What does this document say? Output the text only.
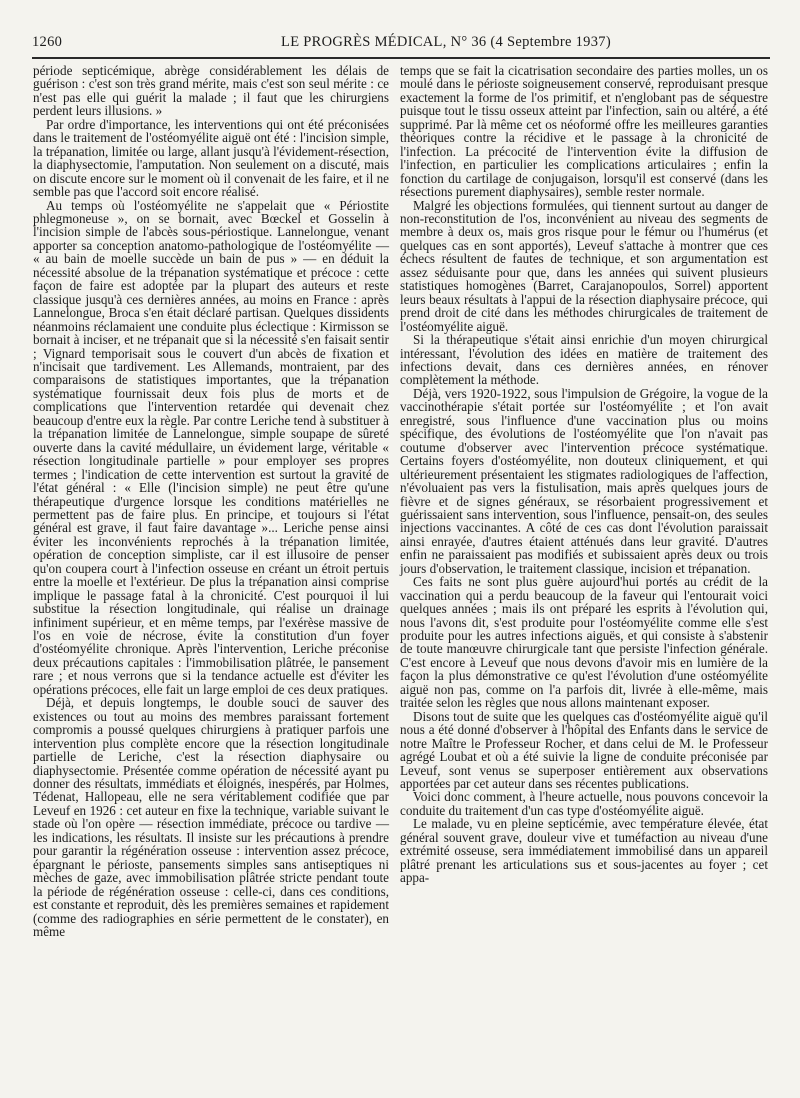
1260	LE PROGRÈS MÉDICAL, N° 36 (4 Septembre 1937)

période septicémique, abrège considérablement les délais de guérison : c'est son très grand mérite, mais c'est son seul mérite : ce n'est pas elle qui guérit la malade ; il faut que les chirurgiens perdent leurs illusions. »

Par ordre d'importance, les interventions qui ont été préconisées dans le traitement de l'ostéomyélite aiguë ont été : l'incision simple, la trépanation, limitée ou large, allant jusqu'à l'évidement-résection, la diaphysectomie, l'amputation. Non seulement on a discuté, mais on discute encore sur le moment où il convenait de les faire, et il ne semble pas que l'accord soit encore réalisé.

Au temps où l'ostéomyélite ne s'appelait que « Périostite phlegmoneuse », on se bornait, avec Bœckel et Gosselin à l'incision simple de l'abcès sous-périostique. Lannelongue, venant apporter sa conception anatomo-pathologique de l'ostéomyélite — « au bain de moelle succède un bain de pus » — en déduit la nécessité absolue de la trépanation systématique et précoce : cette façon de faire est adoptée par la plupart des auteurs et reste classique jusqu'à ces dernières années, au moins en France : après Lannelongue, Broca s'en était déclaré partisan. Quelques dissidents néanmoins réclamaient une conduite plus éclectique : Kirmisson se bornait à inciser, et ne trépanait que si la nécessité s'en faisait sentir ; Vignard temporisait sous le couvert d'un abcès de fixation et n'incisait que tardivement. Les Allemands, montraient, par des comparaisons de statistiques importantes, que la trépanation systématique fournissait deux fois plus de morts et de complications que l'intervention retardée qui devenait chez beaucoup d'entre eux la règle. Par contre Leriche tend à substituer à la trépanation limitée de Lannelongue, simple soupape de sûreté ouverte dans la cavité médullaire, un évidement large, véritable « résection longitudinale partielle » pour employer ses propres termes ; l'indication de cette intervention est surtout la gravité de l'état général : « Elle (l'incision simple) ne peut être qu'une thérapeutique d'urgence lorsque les conditions matérielles ne permettent pas de faire plus. En principe, et toujours si l'état général est grave, il faut faire davantage »... Leriche pense ainsi éviter les inconvénients reprochés à la trépanation limitée, opération de conception simpliste, car il est illusoire de penser qu'on coupera court à l'infection osseuse en créant un étroit pertuis entre la moelle et l'extérieur. De plus la trépanation ainsi comprise implique le passage fatal à la chronicité. C'est pourquoi il lui substitue la résection longitudinale, qui réalise un drainage infiniment supérieur, et en même temps, par l'exérèse massive de l'os en voie de nécrose, évite la constitution d'un foyer d'ostéomyélite chronique. Après l'intervention, Leriche préconise deux précautions capitales : l'immobilisation plâtrée, le pansement rare ; et nous verrons que si la tendance actuelle est d'éviter les opérations précoces, elle fait un large emploi de ces deux pratiques.

Déjà, et depuis longtemps, le double souci de sauver des existences ou tout au moins des membres paraissant fortement compromis a poussé quelques chirurgiens à pratiquer parfois une intervention plus complète encore que la résection longitudinale partielle de Leriche, c'est la résection diaphysaire ou diaphysectomie. Présentée comme opération de nécessité ayant pu donner des résultats, immédiats et éloignés, inespérés, par Holmes, Tédenat, Hallopeau, elle ne sera véritablement codifiée que par Leveuf en 1926 : cet auteur en fixe la technique, variable suivant le stade où l'on opère — résection immédiate, précoce ou tardive — les indications, les résultats. Il insiste sur les précautions à prendre pour garantir la régénération osseuse : intervention assez précoce, épargnant le périoste, pansements simples sans antiseptiques ni mèches de gaze, avec immobilisation plâtrée stricte pendant toute la période de régénération osseuse : celle-ci, dans ces conditions, est constante et reproduit, dès les premières semaines et rapidement (comme des radiographies en série permettent de le constater), en même

temps que se fait la cicatrisation secondaire des parties molles, un os moulé dans le périoste soigneusement conservé, reproduisant presque exactement la forme de l'os primitif, et n'englobant pas de séquestre puisque tout le tissu osseux atteint par l'infection, sain ou altéré, a été supprimé. Par là même cet os néoformé offre les meilleures garanties théoriques contre la récidive et le passage à la chronicité de l'infection. La précocité de l'intervention évite la diffusion de l'infection, en particulier les complications articulaires ; enfin la fonction du cartilage de conjugaison, lorsqu'il est conservé (dans les résections purement diaphysaires), semble rester normale.

Malgré les objections formulées, qui tiennent surtout au danger de non-reconstitution de l'os, inconvénient au niveau des segments de membre à deux os, mais gros risque pour le fémur ou l'humérus (et quelques cas en sont apportés), Leveuf s'attache à montrer que ces échecs résultent de fautes de technique, et son argumentation est assez séduisante pour que, dans les années qui suivent plusieurs statistiques homogènes (Barret, Carajanopoulos, Sorrel) apportent leurs beaux résultats à l'appui de la résection diaphysaire précoce, qui prend droit de cité dans les méthodes chirurgicales de traitement de l'ostéomyélite aiguë.

Si la thérapeutique s'était ainsi enrichie d'un moyen chirurgical intéressant, l'évolution des idées en matière de traitement des infections devait, dans ces dernières années, en rénover complètement la méthode.

Déjà, vers 1920-1922, sous l'impulsion de Grégoire, la vogue de la vaccinothérapie s'était portée sur l'ostéomyélite ; et l'on avait enregistré, sous l'influence d'une vaccination plus ou moins spécifique, des évolutions de l'ostéomyélite que l'on n'avait pas coutume d'observer avec l'intervention précoce systématique. Certains foyers d'ostéomyélite, non douteux cliniquement, et qui ultérieurement présentaient les stigmates radiologiques de l'affection, n'évoluaient pas vers la fistulisation, mais après quelques jours de fièvre et de signes généraux, se résorbaient progressivement et guérissaient sans intervention, sous l'influence, pensait-on, des seules injections vaccinantes. A côté de ces cas dont l'évolution paraissait ainsi enrayée, d'autres étaient atténués dans leur gravité. D'autres enfin ne paraissaient pas modifiés et subissaient après deux ou trois jours d'observation, le traitement classique, incision et trépanation.

Ces faits ne sont plus guère aujourd'hui portés au crédit de la vaccination qui a perdu beaucoup de la faveur qui l'entourait voici quelques années ; mais ils ont préparé les esprits à l'évolution qui, nous l'avons dit, s'est produite pour l'ostéomyélite comme elle s'est produite pour les autres infections aiguës, et qui consiste à s'abstenir de toute manœuvre chirurgicale tant que persiste l'infection générale. C'est encore à Leveuf que nous devons d'avoir mis en lumière de la façon la plus démonstrative ce qu'est l'évolution d'une ostéomyélite aiguë non pas, comme on l'a parfois dit, livrée à elle-même, mais traitée selon les règles que nous allons maintenant exposer.

Disons tout de suite que les quelques cas d'ostéomyélite aiguë qu'il nous a été donné d'observer à l'hôpital des Enfants dans le service de notre Maître le Professeur Rocher, et dans celui de M. le Professeur agrégé Loubat et où a été suivie la ligne de conduite préconisée par Leveuf, sont venus se superposer entièrement aux observations apportées par cet auteur dans ses récentes publications.

Voici donc comment, à l'heure actuelle, nous pouvons concevoir la conduite du traitement d'un cas type d'ostéomyélite aiguë.

Le malade, vu en pleine septicémie, avec température élevée, état général souvent grave, douleur vive et tuméfaction au niveau d'une extrémité osseuse, sera immédiatement immobilisé dans un appareil plâtré prenant les articulations sus et sous-jacentes au foyer ; cet appa-
